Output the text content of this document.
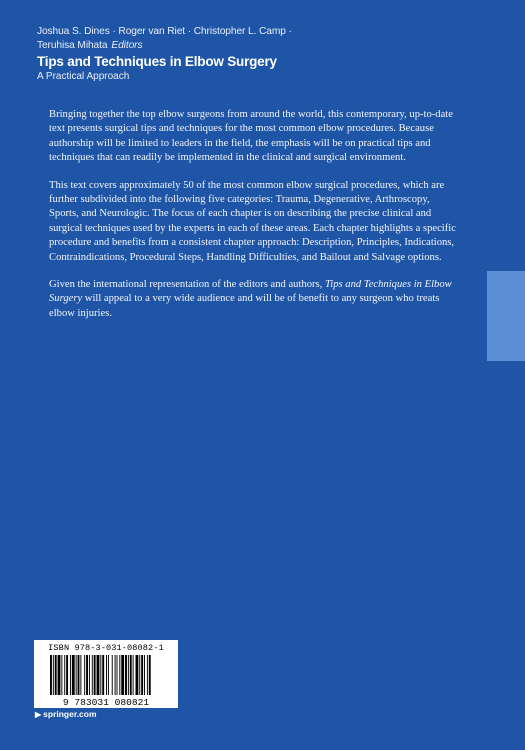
Joshua S. Dines · Roger van Riet · Christopher L. Camp ·
Teruhisa Mihata Editors
Tips and Techniques in Elbow Surgery
A Practical Approach

Bringing together the top elbow surgeons from around the world, this contemporary, up-to-date text presents surgical tips and techniques for the most common elbow procedures. Because authorship will be limited to leaders in the field, the emphasis will be on practical tips and techniques that can readily be implemented in the clinical and surgical environment.

This text covers approximately 50 of the most common elbow surgical procedures, which are further subdivided into the following five categories: Trauma, Degenerative, Arthroscopy, Sports, and Neurologic. The focus of each chapter is on describing the precise clinical and surgical techniques used by the experts in each of these areas. Each chapter highlights a specific procedure and benefits from a consistent chapter approach: Description, Principles, Indications, Contraindications, Procedural Steps, Handling Difficulties, and Bailout and Salvage options.

Given the international representation of the editors and authors, Tips and Techniques in Elbow Surgery will appeal to a very wide audience and will be of benefit to any surgeon who treats elbow injuries.

9 783031 080821
ISBN 978-3-031-08082-1
▶ springer.com
